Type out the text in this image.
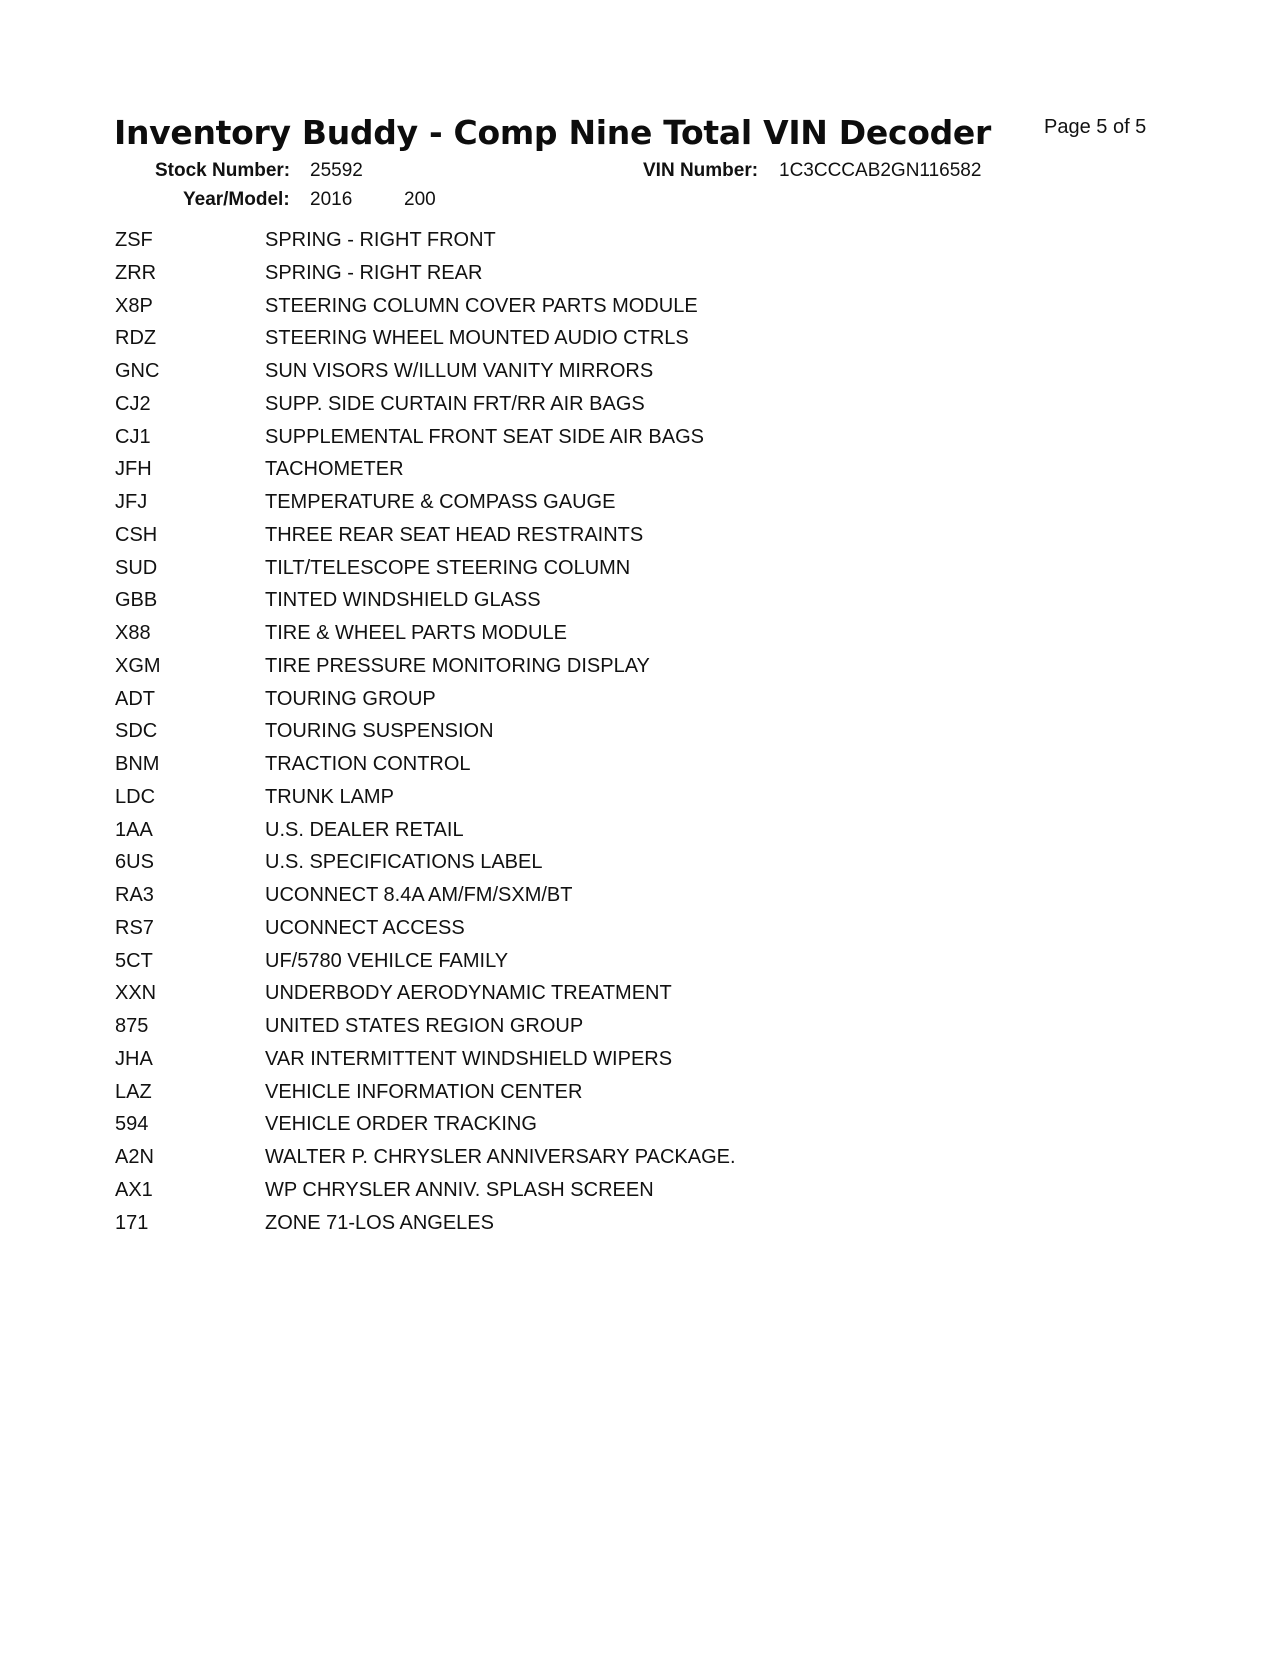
Inventory Buddy - Comp Nine Total VIN Decoder	Page 5 of 5
Stock Number: 25592	VIN Number: 1C3CCCAB2GN116582
Year/Model: 2016	200
ZSF	SPRING - RIGHT FRONT
ZRR	SPRING - RIGHT REAR
X8P	STEERING COLUMN COVER PARTS MODULE
RDZ	STEERING WHEEL MOUNTED AUDIO CTRLS
GNC	SUN VISORS W/ILLUM VANITY MIRRORS
CJ2	SUPP. SIDE CURTAIN FRT/RR AIR BAGS
CJ1	SUPPLEMENTAL FRONT SEAT SIDE AIR BAGS
JFH	TACHOMETER
JFJ	TEMPERATURE & COMPASS GAUGE
CSH	THREE REAR SEAT HEAD RESTRAINTS
SUD	TILT/TELESCOPE STEERING COLUMN
GBB	TINTED WINDSHIELD GLASS
X88	TIRE & WHEEL PARTS MODULE
XGM	TIRE PRESSURE MONITORING DISPLAY
ADT	TOURING GROUP
SDC	TOURING SUSPENSION
BNM	TRACTION CONTROL
LDC	TRUNK LAMP
1AA	U.S. DEALER RETAIL
6US	U.S. SPECIFICATIONS LABEL
RA3	UCONNECT 8.4A AM/FM/SXM/BT
RS7	UCONNECT ACCESS
5CT	UF/5780 VEHILCE FAMILY
XXN	UNDERBODY AERODYNAMIC TREATMENT
875	UNITED STATES REGION GROUP
JHA	VAR INTERMITTENT WINDSHIELD WIPERS
LAZ	VEHICLE INFORMATION CENTER
594	VEHICLE ORDER TRACKING
A2N	WALTER P. CHRYSLER ANNIVERSARY PACKAGE.
AX1	WP CHRYSLER ANNIV. SPLASH SCREEN
171	ZONE 71-LOS ANGELES
